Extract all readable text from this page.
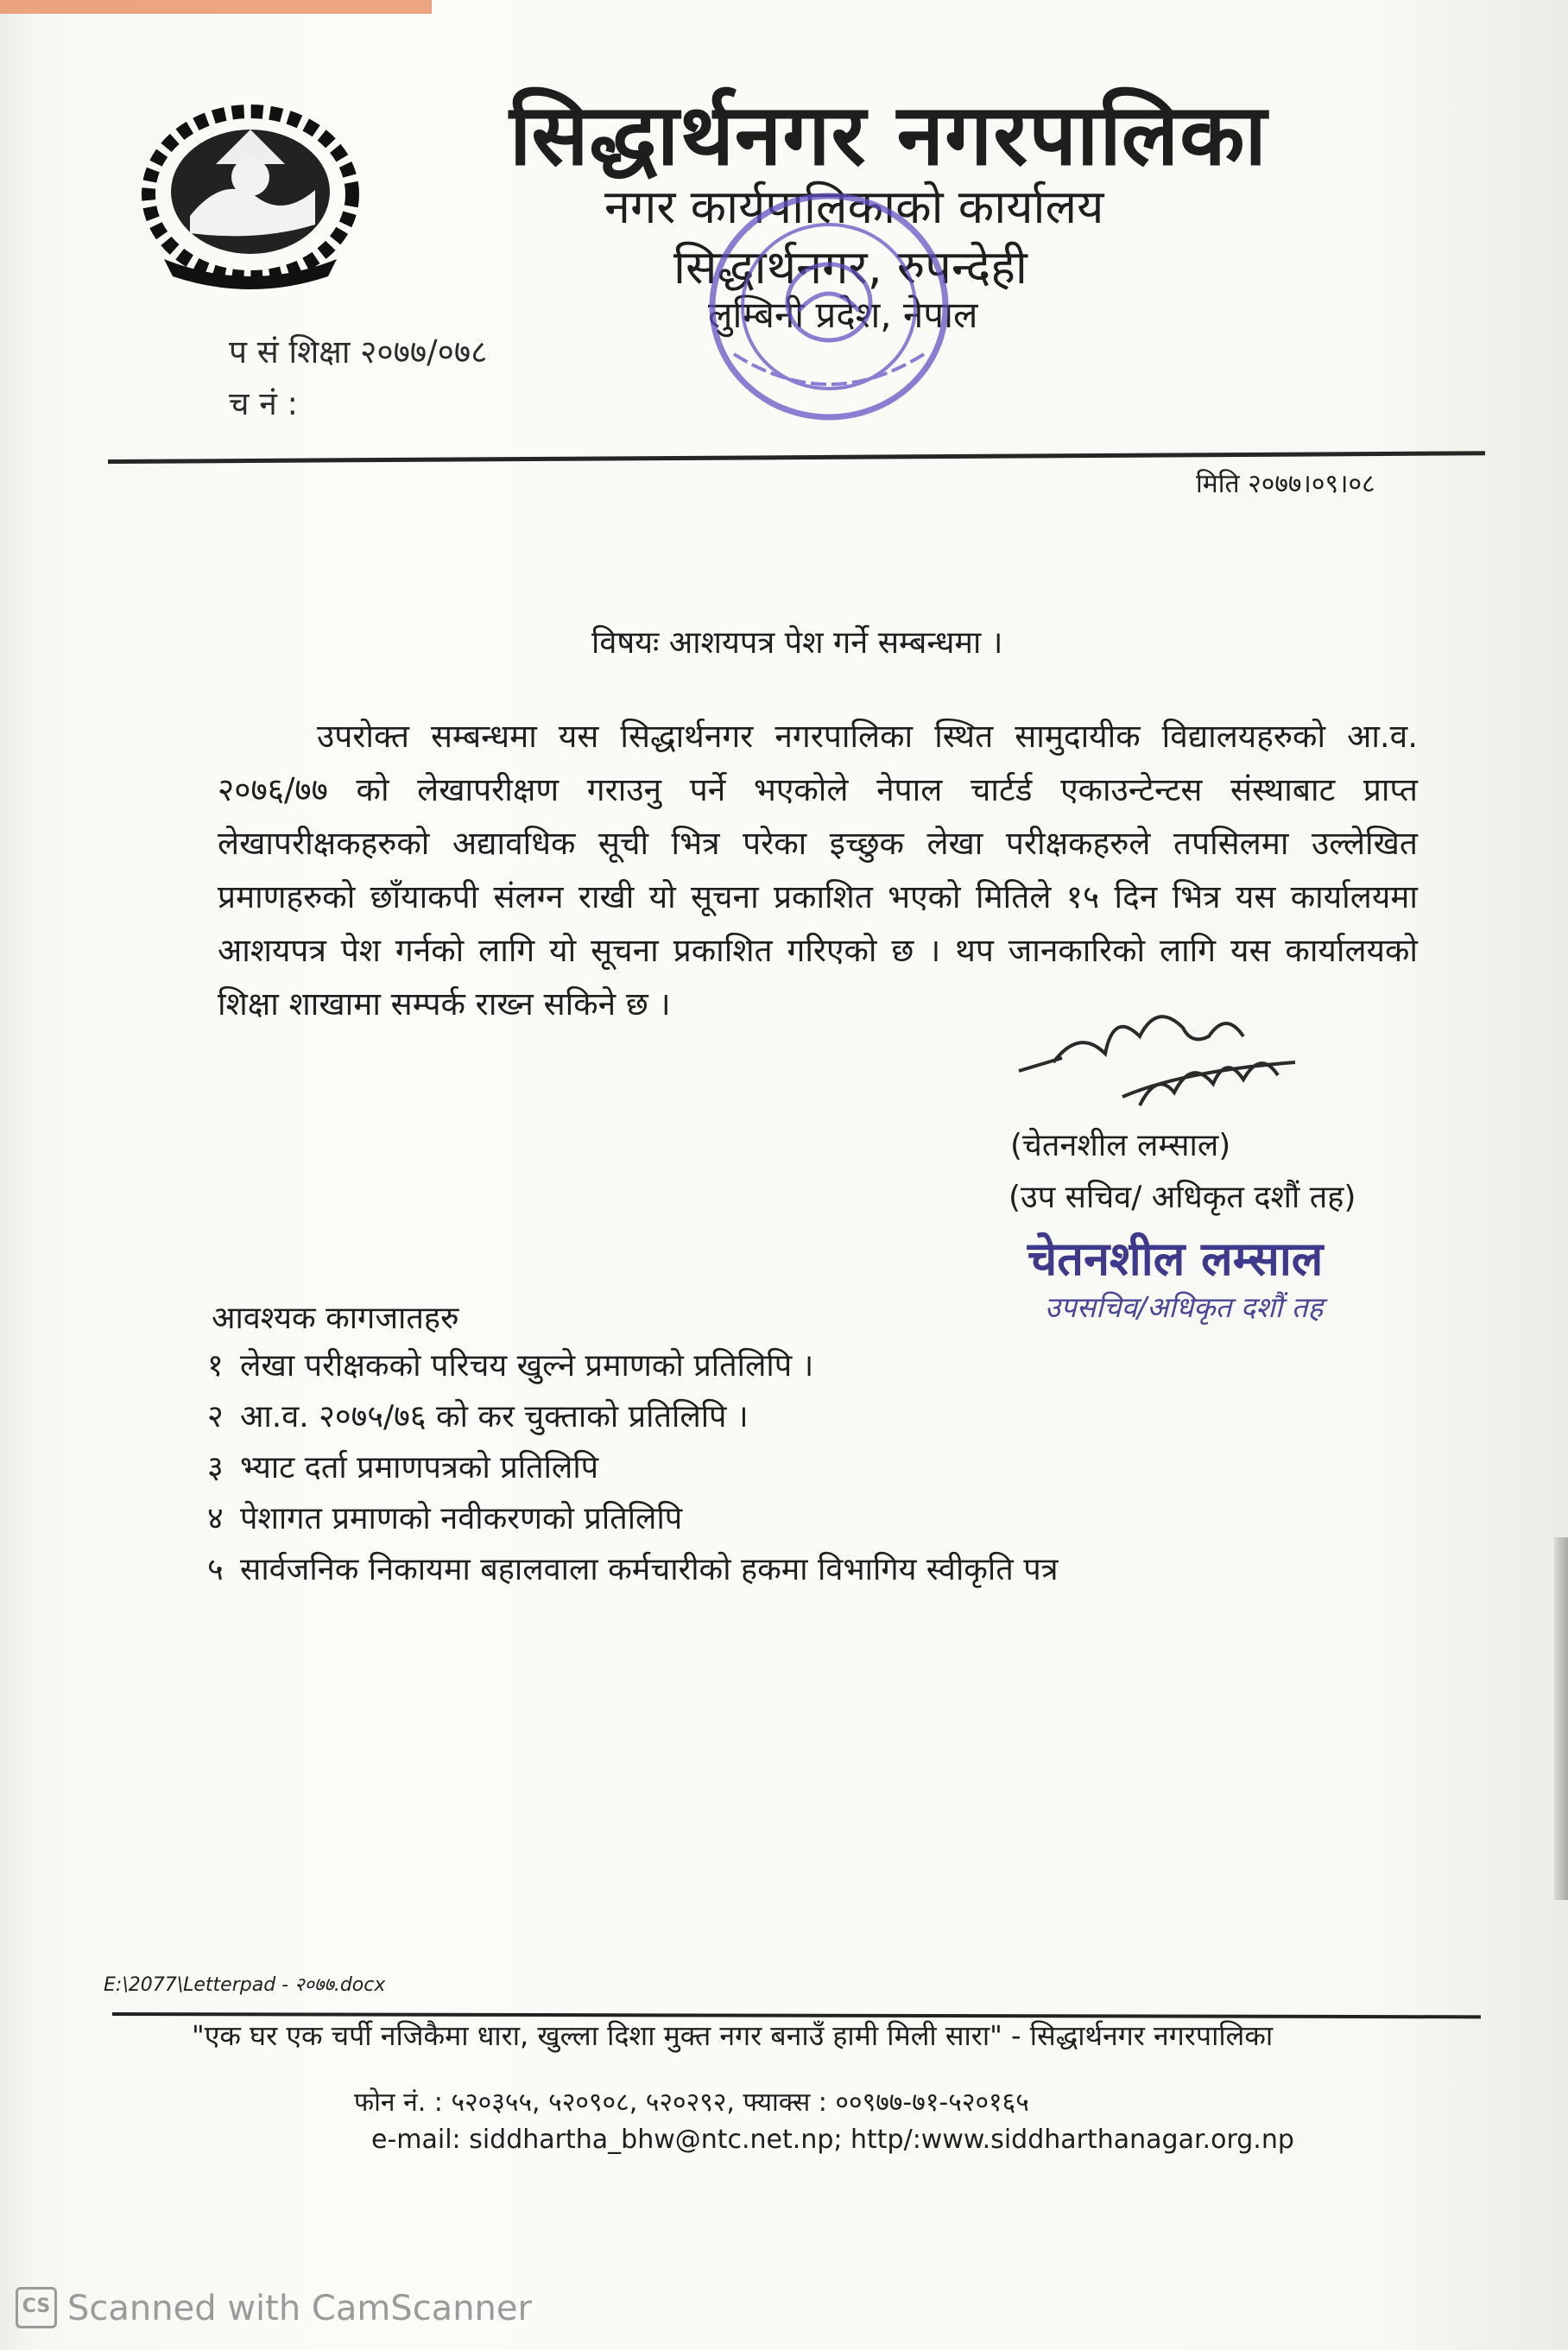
सिद्धार्थनगर नगरपालिका
नगर कार्यपालिकाको कार्यालय
सिद्धार्थनगर, रुपन्देही
लुम्बिनी प्रदेश, नेपाल
प सं शिक्षा २०७७/०७८
च नं :
मिति २०७७।०९।०८
विषयः आशयपत्र पेश गर्ने सम्बन्धमा ।
उपरोक्त सम्बन्धमा यस सिद्धार्थनगर नगरपालिका स्थित सामुदायीक विद्यालयहरुको आ.व. २०७६/७७ को लेखापरीक्षण गराउनु पर्ने भएकोले नेपाल चार्टर्ड एकाउन्टेन्टस संस्थाबाट प्राप्त लेखापरीक्षकहरुको अद्यावधिक सूची भित्र परेका इच्छुक लेखा परीक्षकहरुले तपसिलमा उल्लेखित प्रमाणहरुको छाँयाकपी संलग्न राखी यो सूचना प्रकाशित भएको मितिले १५ दिन भित्र यस कार्यालयमा आशयपत्र पेश गर्नको लागि यो सूचना प्रकाशित गरिएको छ । थप जानकारिको लागि यस कार्यालयको शिक्षा शाखामा सम्पर्क राख्न सकिने छ ।
(चेतनशील लम्साल)
(उप सचिव/ अधिकृत दशौं तह)
चेतनशील लम्साल
उपसचिव/अधिकृत दशौं तह
आवश्यक कागजातहरु
१ लेखा परीक्षकको परिचय खुल्ने प्रमाणको प्रतिलिपि ।
२ आ.व. २०७५/७६ को कर चुक्ताको प्रतिलिपि ।
३ भ्याट दर्ता प्रमाणपत्रको प्रतिलिपि
४ पेशागत प्रमाणको नवीकरणको प्रतिलिपि
५ सार्वजनिक निकायमा बहालवाला कर्मचारीको हकमा विभागिय स्वीकृति पत्र
E:\2077\Letterpad - २०७७.docx
"एक घर एक चर्पी नजिकैमा धारा, खुल्ला दिशा मुक्त नगर बनाउँ हामी मिली सारा" - सिद्धार्थनगर नगरपालिका
फोन नं. : ५२०३५५, ५२०९०८, ५२०२९२, फ्याक्स : ००९७७-७१-५२०१६५
e-mail: siddhartha_bhw@ntc.net.np; http/:www.siddharthanagar.org.np
CS Scanned with CamScanner
